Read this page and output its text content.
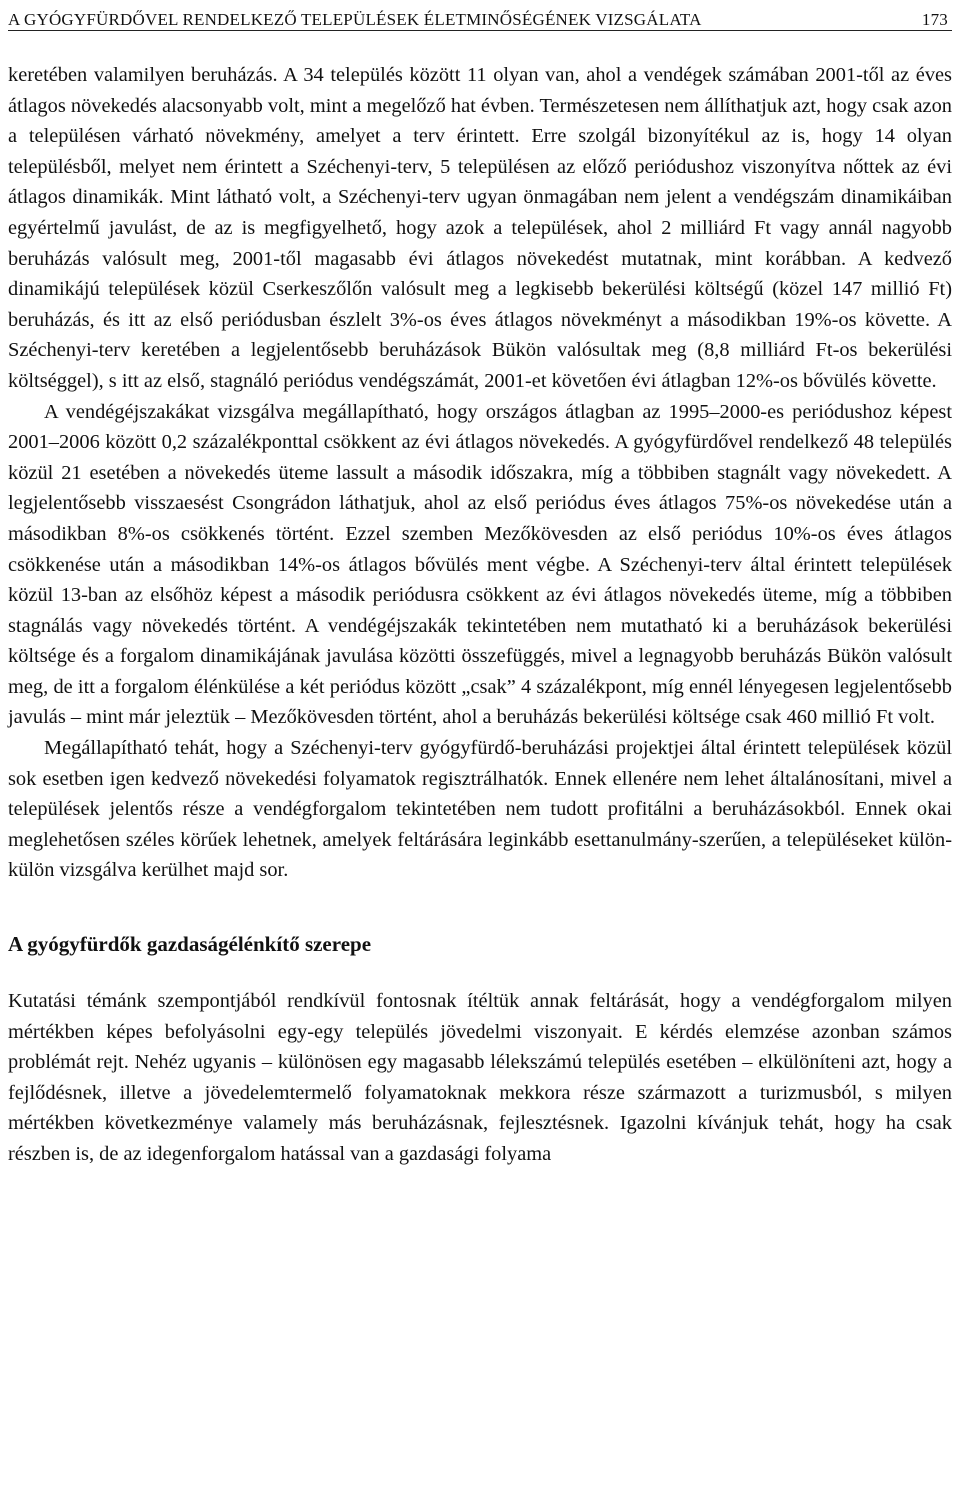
A GYÓGYFÜRDŐVEL RENDELKEZŐ TELEPÜLÉSEK ÉLETMINŐSÉGÉNEK VIZSGÁLATA	173

keretében valamilyen beruházás. A 34 település között 11 olyan van, ahol a vendégek számában 2001-től az éves átlagos növekedés alacsonyabb volt, mint a megelőző hat évben. Természetesen nem állíthatjuk azt, hogy csak azon a településen várható növekmény, amelyet a terv érintett. Erre szolgál bizonyítékul az is, hogy 14 olyan településből, melyet nem érintett a Széchenyi-terv, 5 településen az előző periódushoz viszonyítva nőttek az évi átlagos dinamikák. Mint látható volt, a Széchenyi-terv ugyan önmagában nem jelent a vendégszám dinamikáiban egyértelmű javulást, de az is megfigyelhető, hogy azok a települések, ahol 2 milliárd Ft vagy annál nagyobb beruházás valósult meg, 2001-től magasabb évi átlagos növekedést mutatnak, mint korábban. A kedvező dinamikájú települések közül Cserkeszőlőn valósult meg a legkisebb bekerülési költségű (közel 147 millió Ft) beruházás, és itt az első periódusban észlelt 3%-os éves átlagos növekményt a másodikban 19%-os követte. A Széchenyi-terv keretében a legjelentősebb beruházások Bükön valósultak meg (8,8 milliárd Ft-os bekerülési költséggel), s itt az első, stagnáló periódus vendégszámát, 2001-et követően évi átlagban 12%-os bővülés követte.

A vendégéjszakákat vizsgálva megállapítható, hogy országos átlagban az 1995–2000-es periódushoz képest 2001–2006 között 0,2 százalékponttal csökkent az évi átlagos növekedés. A gyógyfürdővel rendelkező 48 település közül 21 esetében a növekedés üteme lassult a második időszakra, míg a többiben stagnált vagy növekedett. A legjelentősebb visszaesést Csongrádon láthatjuk, ahol az első periódus éves átlagos 75%-os növekedése után a másodikban 8%-os csökkenés történt. Ezzel szemben Mezőkövesden az első periódus 10%-os éves átlagos csökkenése után a másodikban 14%-os átlagos bővülés ment végbe. A Széchenyi-terv által érintett települések közül 13-ban az elsőhöz képest a második periódusra csökkent az évi átlagos növekedés üteme, míg a többiben stagnálás vagy növekedés történt. A vendégéjszakák tekintetében nem mutatható ki a beruházások bekerülési költsége és a forgalom dinamikájának javulása közötti összefüggés, mivel a legnagyobb beruházás Bükön valósult meg, de itt a forgalom élénkülése a két periódus között „csak” 4 százalékpont, míg ennél lényegesen legjelentősebb javulás – mint már jeleztük – Mezőkövesden történt, ahol a beruházás bekerülési költsége csak 460 millió Ft volt.

Megállapítható tehát, hogy a Széchenyi-terv gyógyfürdő-beruházási projektjei által érintett települések közül sok esetben igen kedvező növekedési folyamatok regisztrálhatók. Ennek ellenére nem lehet általánosítani, mivel a települések jelentős része a vendégforgalom tekintetében nem tudott profitálni a beruházásokból. Ennek okai meglehetősen széles körűek lehetnek, amelyek feltárására leginkább esettanulmány-szerűen, a településeket külön-külön vizsgálva kerülhet majd sor.

A gyógyfürdők gazdaságélénkítő szerepe

Kutatási témánk szempontjából rendkívül fontosnak ítéltük annak feltárását, hogy a vendégforgalom milyen mértékben képes befolyásolni egy-egy település jövedelmi viszonyait. E kérdés elemzése azonban számos problémát rejt. Nehéz ugyanis – különösen egy magasabb lélekszámú település esetében – elkülöníteni azt, hogy a fejlődésnek, illetve a jövedelemtermelő folyamatoknak mekkora része származott a turizmusból, s milyen mértékben következménye valamely más beruházásnak, fejlesztésnek. Igazolni kívánjuk tehát, hogy ha csak részben is, de az idegenforgalom hatással van a gazdasági folyama
